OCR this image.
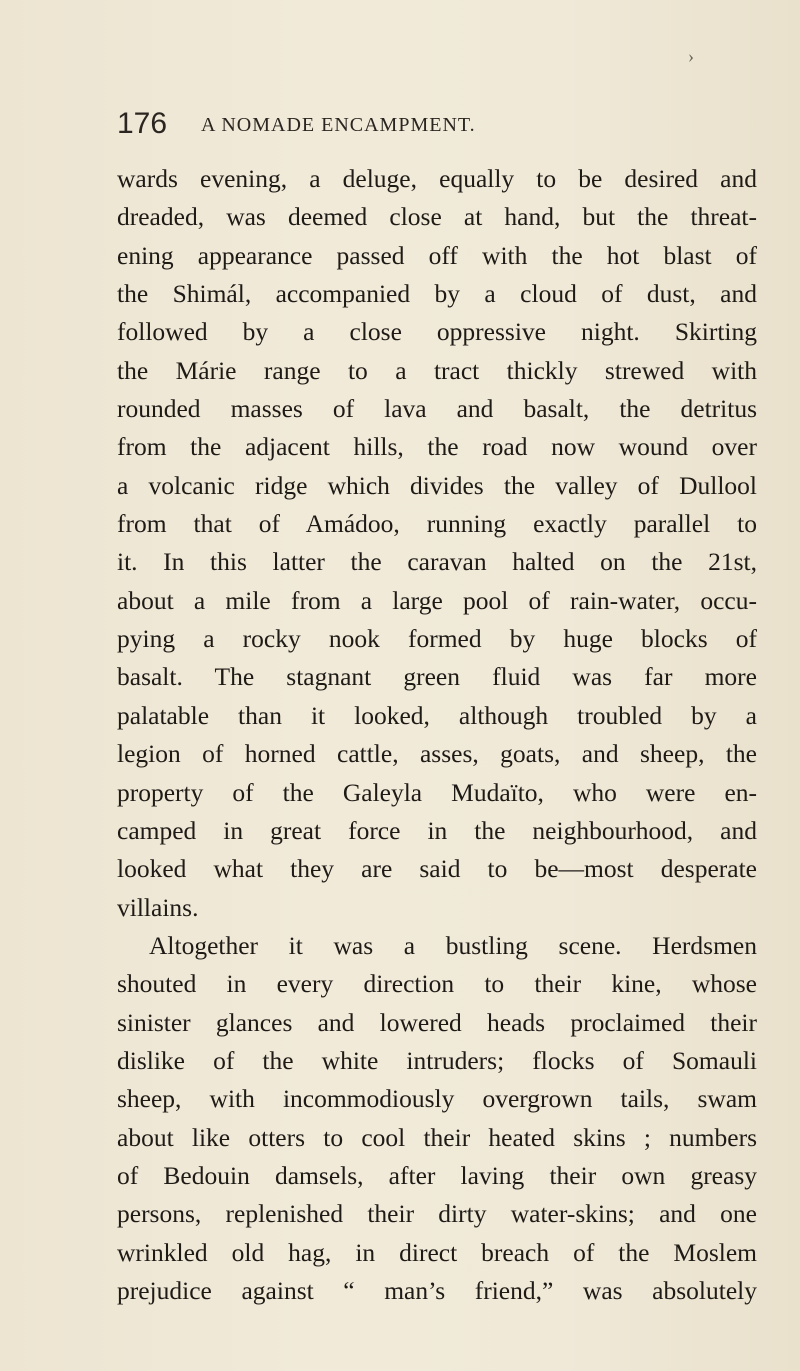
›
176 A NOMADE ENCAMPMENT.
wards evening, a deluge, equally to be desired and
dreaded, was deemed close at hand, but the threat-
ening appearance passed off with the hot blast of
the Shimál, accompanied by a cloud of dust, and
followed by a close oppressive night. Skirting
the Márie range to a tract thickly strewed with
rounded masses of lava and basalt, the detritus
from the adjacent hills, the road now wound over
a volcanic ridge which divides the valley of Dullool
from that of Amádoo, running exactly parallel to
it. In this latter the caravan halted on the 21st,
about a mile from a large pool of rain-water, occu-
pying a rocky nook formed by huge blocks of
basalt. The stagnant green fluid was far more
palatable than it looked, although troubled by a
legion of horned cattle, asses, goats, and sheep, the
property of the Galeyla Mudaïto, who were en-
camped in great force in the neighbourhood, and
looked what they are said to be—most desperate
villains.
Altogether it was a bustling scene. Herdsmen
shouted in every direction to their kine, whose
sinister glances and lowered heads proclaimed their
dislike of the white intruders; flocks of Somauli
sheep, with incommodiously overgrown tails, swam
about like otters to cool their heated skins ; numbers
of Bedouin damsels, after laving their own greasy
persons, replenished their dirty water-skins; and one
wrinkled old hag, in direct breach of the Moslem
prejudice against “ man’s friend,” was absolutely
